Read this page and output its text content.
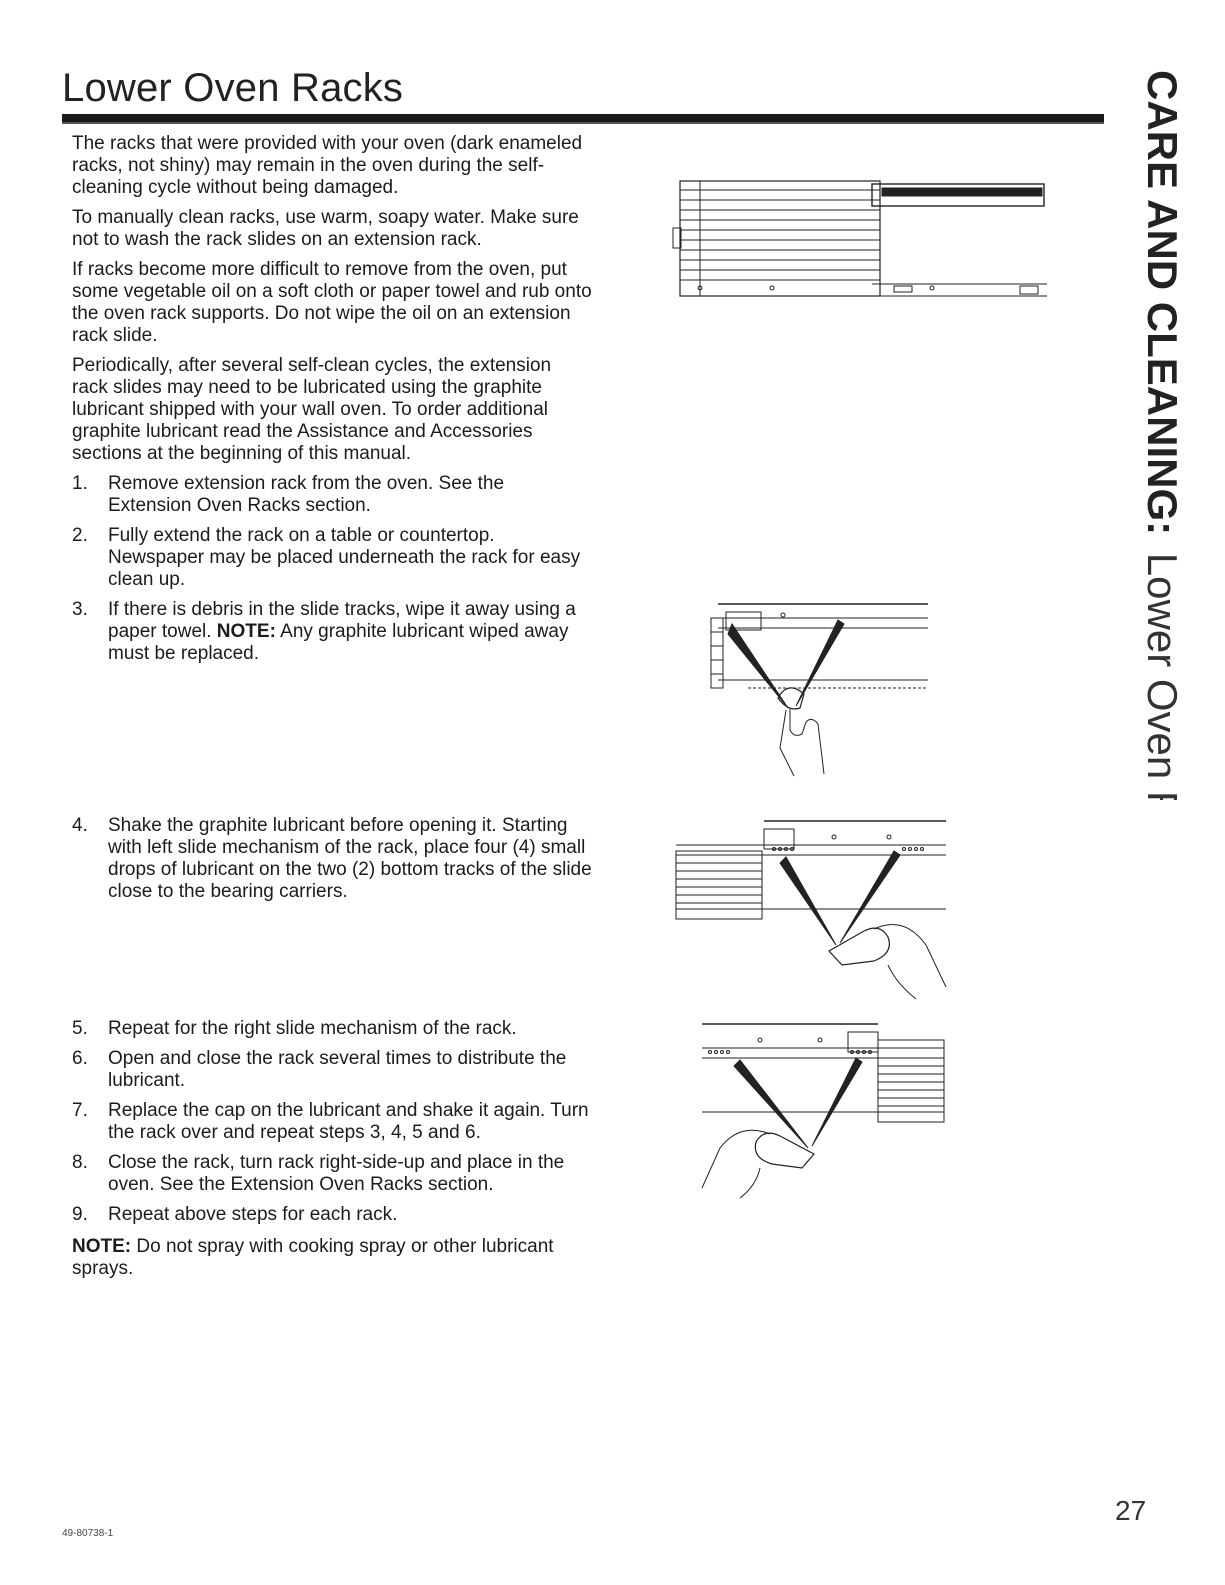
Lower Oven Racks

The racks that were provided with your oven (dark enameled racks, not shiny) may remain in the oven during the self-cleaning cycle without being damaged.

To manually clean racks, use warm, soapy water. Make sure not to wash the rack slides on an extension rack.

If racks become more difficult to remove from the oven, put some vegetable oil on a soft cloth or paper towel and rub onto the oven rack supports. Do not wipe the oil on an extension rack slide.

Periodically, after several self-clean cycles, the extension rack slides may need to be lubricated using the graphite lubricant shipped with your wall oven. To order additional graphite lubricant read the Assistance and Accessories sections at the beginning of this manual.

1. Remove extension rack from the oven. See the Extension Oven Racks section.
2. Fully extend the rack on a table or countertop. Newspaper may be placed underneath the rack for easy clean up.
3. If there is debris in the slide tracks, wipe it away using a paper towel. NOTE: Any graphite lubricant wiped away must be replaced.
4. Shake the graphite lubricant before opening it. Starting with left slide mechanism of the rack, place four (4) small drops of lubricant on the two (2) bottom tracks of the slide close to the bearing carriers.
5. Repeat for the right slide mechanism of the rack.
6. Open and close the rack several times to distribute the lubricant.
7. Replace the cap on the lubricant and shake it again. Turn the rack over and repeat steps 3, 4, 5 and 6.
8. Close the rack, turn rack right-side-up and place in the oven. See the Extension Oven Racks section.
9. Repeat above steps for each rack.

NOTE: Do not spray with cooking spray or other lubricant sprays.

CARE AND CLEANING: Lower Oven Racks
49-80738-1
27
